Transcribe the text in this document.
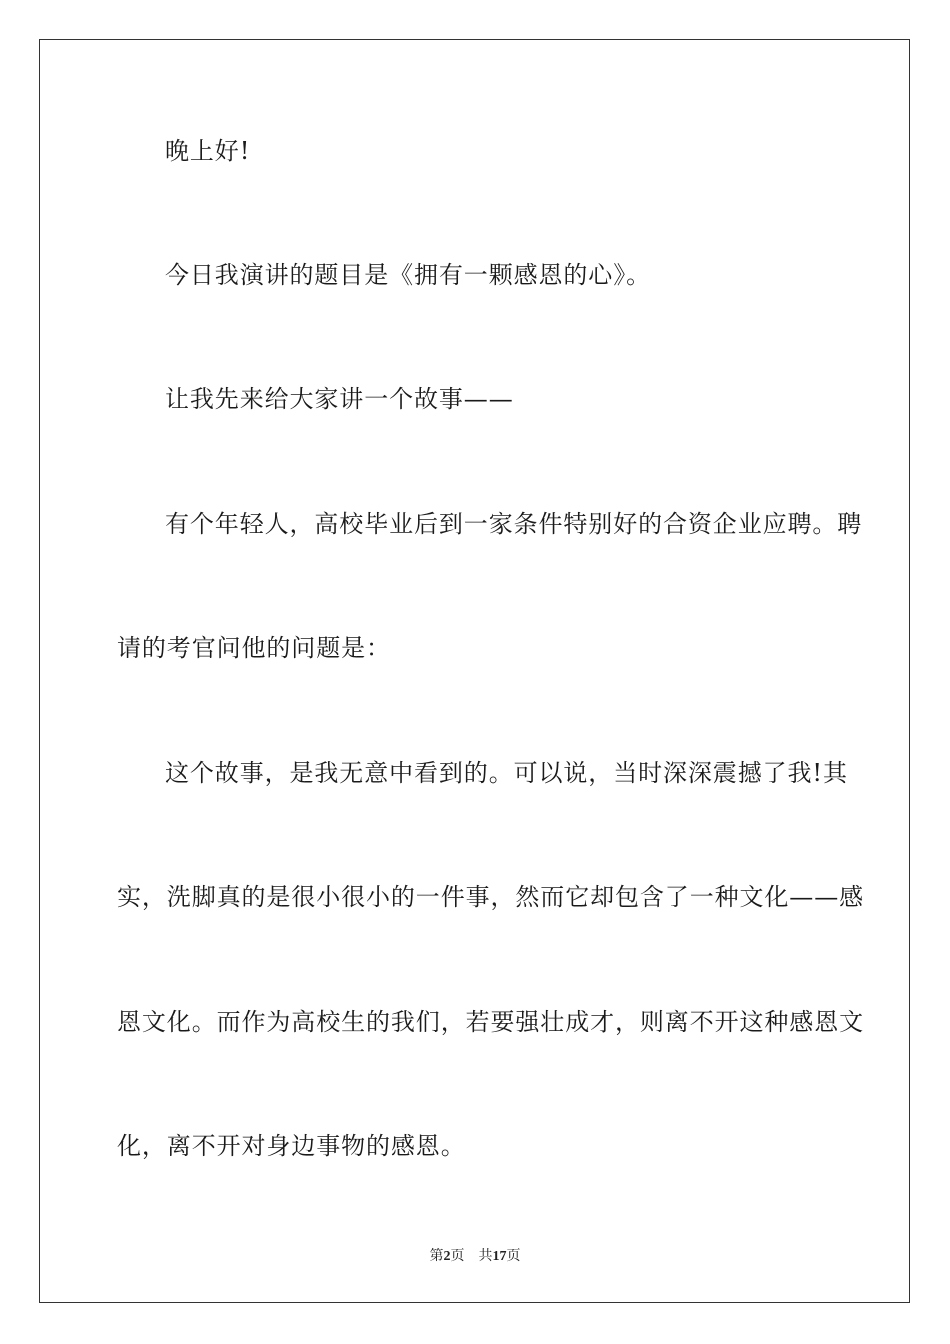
晚上好!
今日我演讲的题目是《拥有一颗感恩的心》。
让我先来给大家讲一个故事——
有个年轻人，高校毕业后到一家条件特别好的合资企业应聘。聘
请的考官问他的问题是：
这个故事，是我无意中看到的。可以说，当时深深震撼了我!其
实，洗脚真的是很小很小的一件事，然而它却包含了一种文化——感
恩文化。而作为高校生的我们，若要强壮成才，则离不开这种感恩文
化，离不开对身边事物的感恩。
第2页 共17页
